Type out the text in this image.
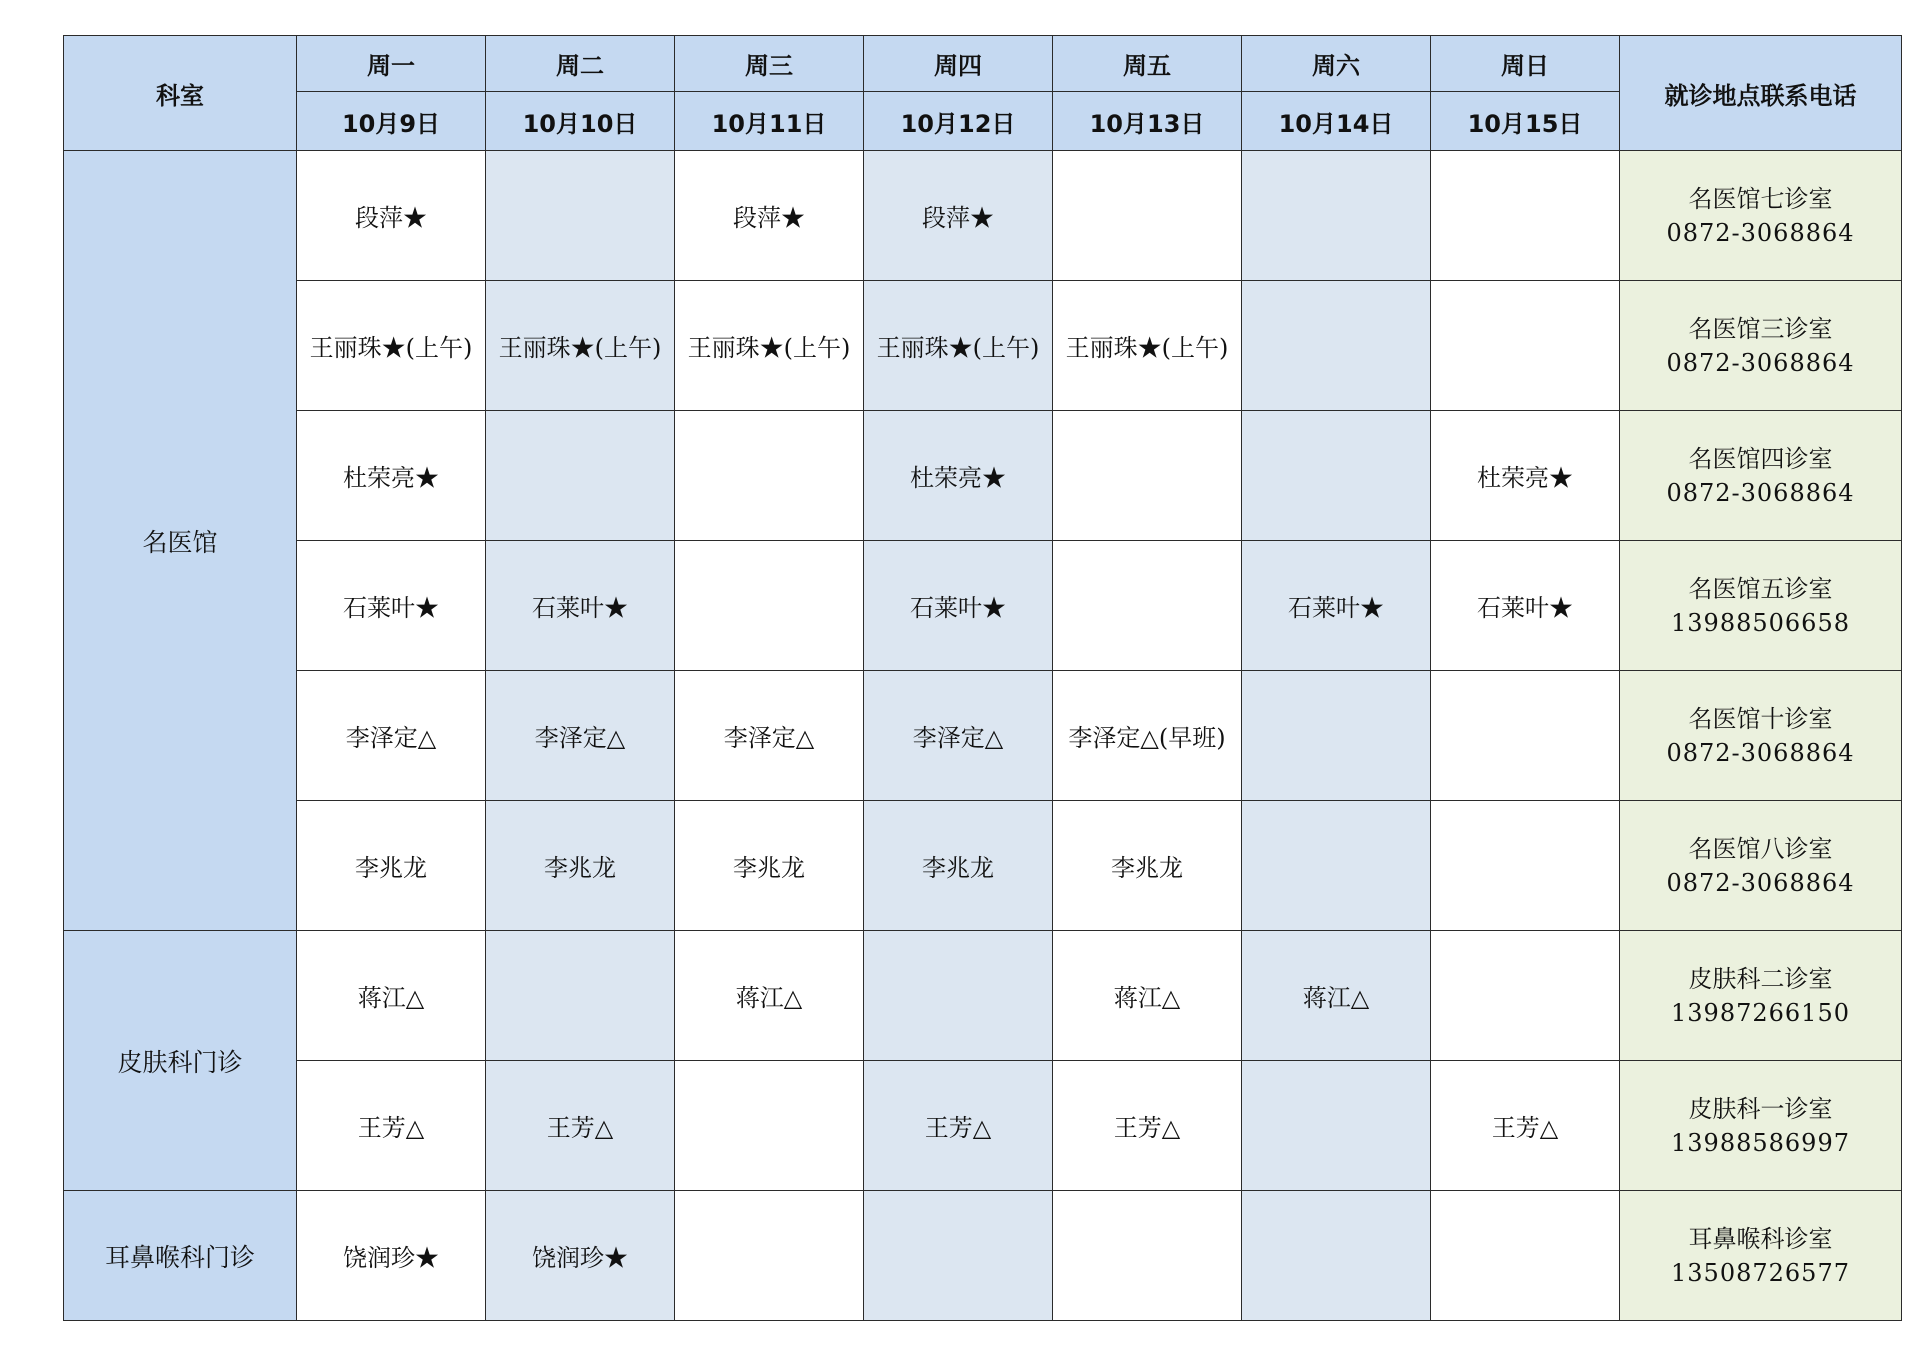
科室	周一	周二	周三	周四	周五	周六	周日	就诊地点联系电话
	10月9日	10月10日	10月11日	10月12日	10月13日	10月14日	10月15日	
名医馆	段萍★		段萍★	段萍★				名医馆七诊室
0872-3068864

	王丽珠★(上午)	王丽珠★(上午)	王丽珠★(上午)	王丽珠★(上午)	王丽珠★(上午)			名医馆三诊室
0872-3068864

	杜荣亮★			杜荣亮★			杜荣亮★	名医馆四诊室
0872-3068864

	石莱叶★	石莱叶★		石莱叶★		石莱叶★	石莱叶★	名医馆五诊室
13988506658

	李泽定△	李泽定△	李泽定△	李泽定△	李泽定△(早班)			名医馆十诊室
0872-3068864

	李兆龙	李兆龙	李兆龙	李兆龙	李兆龙			名医馆八诊室
0872-3068864

皮肤科门诊	蒋江△		蒋江△		蒋江△	蒋江△		皮肤科二诊室
13987266150

	王芳△	王芳△		王芳△	王芳△		王芳△	皮肤科一诊室
13988586997

耳鼻喉科门诊	饶润珍★	饶润珍★						耳鼻喉科诊室
13508726577
